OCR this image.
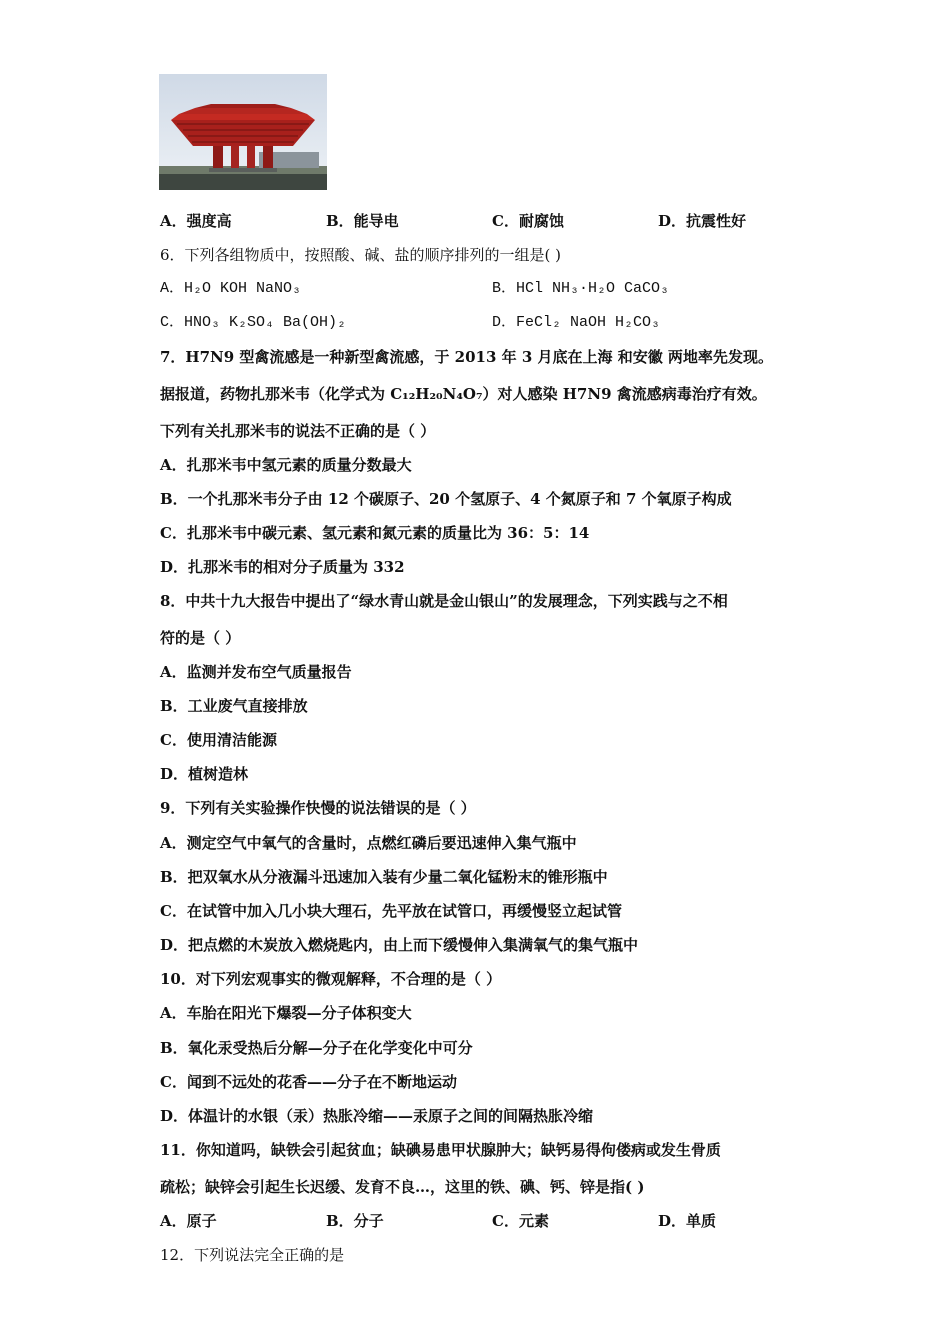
A．强度高	B．能导电	C．耐腐蚀	D．抗震性好
6．下列各组物质中，按照酸、碱、盐的顺序排列的一组是( )
A．H₂O KOH NaNO₃	B．HCl NH₃·H₂O CaCO₃
C．HNO₃ K₂SO₄ Ba(OH)₂	D．FeCl₂ NaOH H₂CO₃
7．H7N9 型禽流感是一种新型禽流感，于 2013 年 3 月底在上海 和安徽 两地率先发现。
据报道，药物扎那米韦（化学式为 C₁₂H₂₀N₄O₇）对人感染 H7N9 禽流感病毒治疗有效。
下列有关扎那米韦的说法不正确的是（ ）
A．扎那米韦中氢元素的质量分数最大
B．一个扎那米韦分子由 12 个碳原子、20 个氢原子、4 个氮原子和 7 个氧原子构成
C．扎那米韦中碳元素、氢元素和氮元素的质量比为 36：5：14
D．扎那米韦的相对分子质量为 332
8．中共十九大报告中提出了“绿水青山就是金山银山”的发展理念，下列实践与之不相
符的是（ ）
A．监测并发布空气质量报告
B．工业废气直接排放
C．使用清洁能源
D．植树造林
9．下列有关实验操作快慢的说法错误的是（ ）
A．测定空气中氧气的含量时，点燃红磷后要迅速伸入集气瓶中
B．把双氧水从分液漏斗迅速加入装有少量二氧化锰粉末的锥形瓶中
C．在试管中加入几小块大理石，先平放在试管口，再缓慢竖立起试管
D．把点燃的木炭放入燃烧匙内，由上而下缓慢伸入集满氧气的集气瓶中
10．对下列宏观事实的微观解释，不合理的是（ ）
A．车胎在阳光下爆裂—分子体积变大
B．氧化汞受热后分解—分子在化学变化中可分
C．闻到不远处的花香——分子在不断地运动
D．体温计的水银（汞）热胀冷缩——汞原子之间的间隔热胀冷缩
11．你知道吗，缺铁会引起贫血；缺碘易患甲状腺肿大；缺钙易得佝偻病或发生骨质
疏松；缺锌会引起生长迟缓、发育不良…，这里的铁、碘、钙、锌是指( )
A．原子	B．分子	C．元素	D．单质
12．下列说法完全正确的是
